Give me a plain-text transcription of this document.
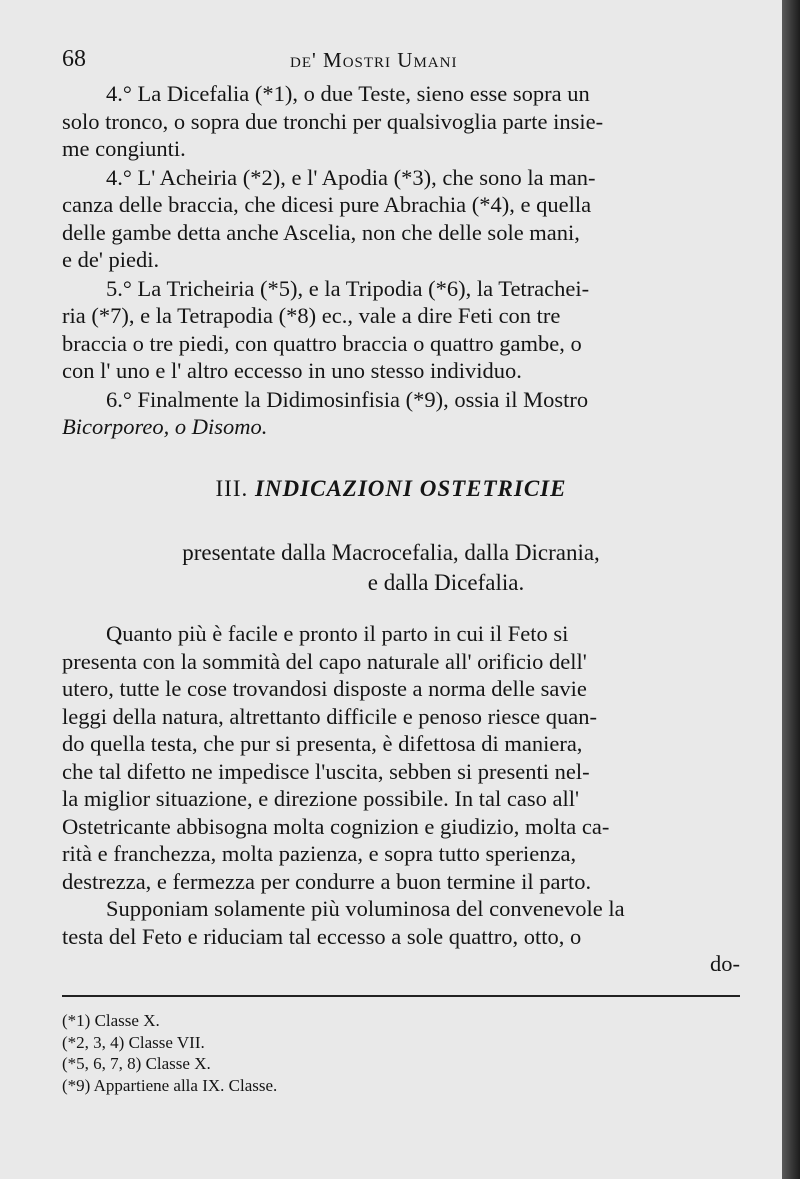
68	de' Mostri Umani
4.° La Dicefalia (*1), o due Teste, sieno esse sopra un
solo tronco, o sopra due tronchi per qualsivoglia parte insie-
me congiunti.
4.° L' Acheiria (*2), e l' Apodia (*3), che sono la man-
canza delle braccia, che dicesi pure Abrachia (*4), e quella
delle gambe detta anche Ascelia, non che delle sole mani,
e de' piedi.
5.° La Tricheiria (*5), e la Tripodia (*6), la Tetrachei-
ria (*7), e la Tetrapodia (*8) ec., vale a dire Feti con tre
braccia o tre piedi, con quattro braccia o quattro gambe, o
con l' uno e l' altro eccesso in uno stesso individuo.
6.° Finalmente la Didimosinfisia (*9), ossia il Mostro
Bicorporeo, o Disomo.
III. INDICAZIONI OSTETRICIE
presentate dalla Macrocefalia, dalla Dicrania,
e dalla Dicefalia.
Quanto più è facile e pronto il parto in cui il Feto si
presenta con la sommità del capo naturale all' orificio dell'
utero, tutte le cose trovandosi disposte a norma delle savie
leggi della natura, altrettanto difficile e penoso riesce quan-
do quella testa, che pur si presenta, è difettosa di maniera,
che tal difetto ne impedisce l'uscita, sebben si presenti nel-
la miglior situazione, e direzione possibile. In tal caso all'
Ostetricante abbisogna molta cognizion e giudizio, molta ca-
rità e franchezza, molta pazienza, e sopra tutto sperienza,
destrezza, e fermezza per condurre a buon termine il parto.
Supponiam solamente più voluminosa del convenevole la
testa del Feto e riduciam tal eccesso a sole quattro, otto, o
do-
(*1) Classe X.
(*2, 3, 4) Classe VII.
(*5, 6, 7, 8) Classe X.
(*9) Appartiene alla IX. Classe.
